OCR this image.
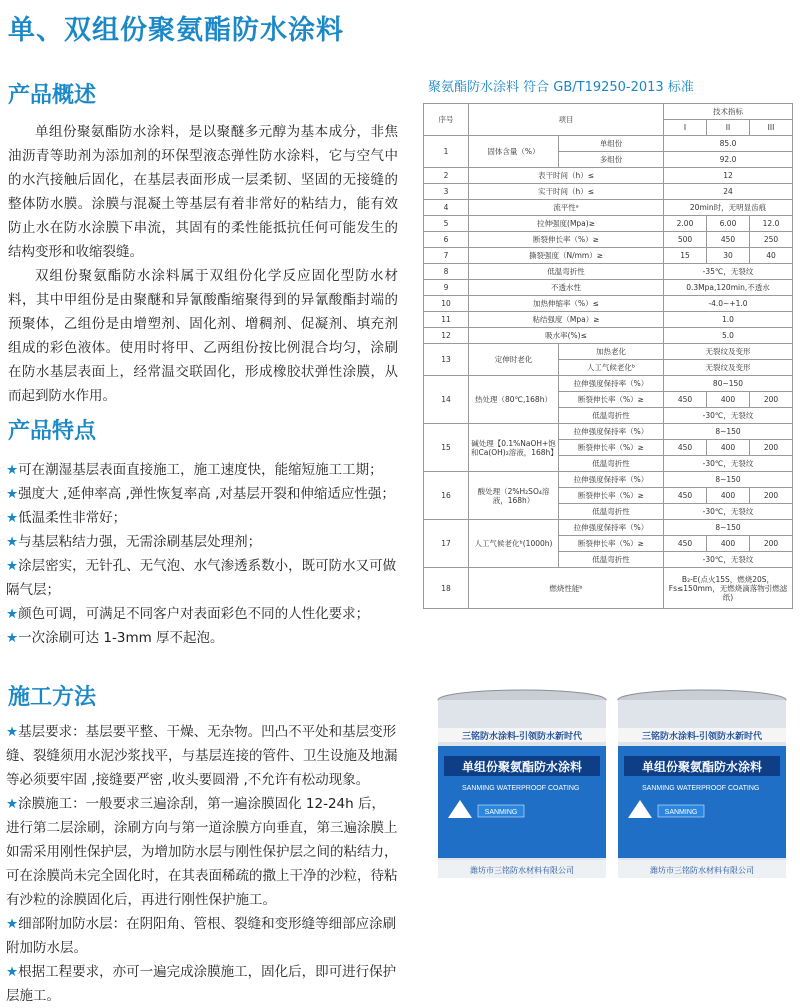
单、双组份聚氨酯防水涂料
产品概述

单组份聚氨酯防水涂料，是以聚醚多元醇为基本成分，非焦油沥青等助剂为添加剂的环保型液态弹性防水涂料，它与空气中的水汽接触后固化，在基层表面形成一层柔韧、坚固的无接缝的整体防水膜。涂膜与混凝土等基层有着非常好的粘结力，能有效防止水在防水涂膜下串流，其固有的柔性能抵抗任何可能发生的结构变形和收缩裂缝。

双组份聚氨酯防水涂料属于双组份化学反应固化型防水材料，其中甲组份是由聚醚和异氰酸酯缩聚得到的异氰酸酯封端的预聚体，乙组份是由增塑剂、固化剂、增稠剂、促凝剂、填充剂组成的彩色液体。使用时将甲、乙两组份按比例混合均匀，涂刷在防水基层表面上，经常温交联固化，形成橡胶状弹性涂膜，从而起到防水作用。

产品特点
★可在潮湿基层表面直接施工，施工速度快，能缩短施工工期；
★强度大 ,延伸率高 ,弹性恢复率高 ,对基层开裂和伸缩适应性强；
★低温柔性非常好；
★与基层粘结力强，无需涂刷基层处理剂；
★涂层密实，无针孔、无气泡、水气渗透系数小，既可防水又可做隔气层；
★颜色可调，可满足不同客户对表面彩色不同的人性化要求；
★一次涂刷可达 1-3mm 厚不起泡。
施工方法
★基层要求：基层要平整、干燥、无杂物。凹凸不平处和基层变形缝、裂缝须用水泥沙浆找平，与基层连接的管件、卫生设施及地漏等必须要牢固 ,接缝要严密 ,收头要圆滑 ,不允许有松动现象。
★涂膜施工：一般要求三遍涂刮，第一遍涂膜固化 12-24h 后，进行第二层涂刷，涂刷方向与第一道涂膜方向垂直，第三遍涂膜上如需采用刚性保护层，为增加防水层与刚性保护层之间的粘结力，可在涂膜尚未完全固化时，在其表面稀疏的撒上干净的沙粒，待粘有沙粒的涂膜固化后，再进行刚性保护施工。
★细部附加防水层：在阴阳角、管根、裂缝和变形缝等细部应涂刷附加防水层。
★根据工程要求，亦可一遍完成涂膜施工，固化后，即可进行保护层施工。
聚氨酯防水涂料 符合 GB/T19250-2013 标准
序号	项目		技术指标		
			I	II	III
1	固体含量（%）	单组份	85.0		
		多组份	92.0		
2	表干时间（h）≤		12		
3	实干时间（h）≤		24		
4	流平性ᵃ		20min时，无明显齿痕		
5	拉伸强度(Mpa)≥		2.00	6.00	12.0
6	断裂伸长率（%）≥		500	450	250
7	撕裂强度（N/mm）≥		15	30	40
8	低温弯折性		-35℃，无裂纹		
9	不透水性		0.3Mpa,120min,不透水		
10	加热伸缩率（%）≤		-4.0~+1.0		
11	粘结强度（Mpa）≥		1.0		
12	吸水率(%)≤		5.0		
13	定伸时老化	加热老化	无裂纹及变形		
		人工气候老化ᵇ	无裂纹及变形		
14	热处理（80℃,168h）	拉伸强度保持率（%）	80~150		
		断裂伸长率（%）≥	450	400	200
		低温弯折性	-30℃，无裂纹		
15	碱处理【0.1%NaOH+饱和Ca(OH)₂溶液，168h】	拉伸强度保持率（%）	8~150		
		断裂伸长率（%）≥	450	400	200
		低温弯折性	-30℃，无裂纹		
16	酸处理（2%H₂SO₄溶液，168h）	拉伸强度保持率（%）	8~150		
		断裂伸长率（%）≥	450	400	200
		低温弯折性	-30℃，无裂纹		
17	人工气候老化ᵇ(1000h)	拉伸强度保持率（%）	8~150		
		断裂伸长率（%）≥	450	400	200
		低温弯折性	-30℃，无裂纹		
18	燃烧性能ᵇ		B₂-E(点火15S，燃烧20S，Fs≤150mm，无燃烧滴落物引燃滤纸)		
三铭防水涂料-引领防水新时代
单组份聚氨酯防水涂料
SANMING WATERPROOF COATING
SANMING
潍坊市三铭防水材料有限公司
三铭防水涂料-引领防水新时代
单组份聚氨酯防水涂料
SANMING WATERPROOF COATING
SANMING
潍坊市三铭防水材料有限公司
